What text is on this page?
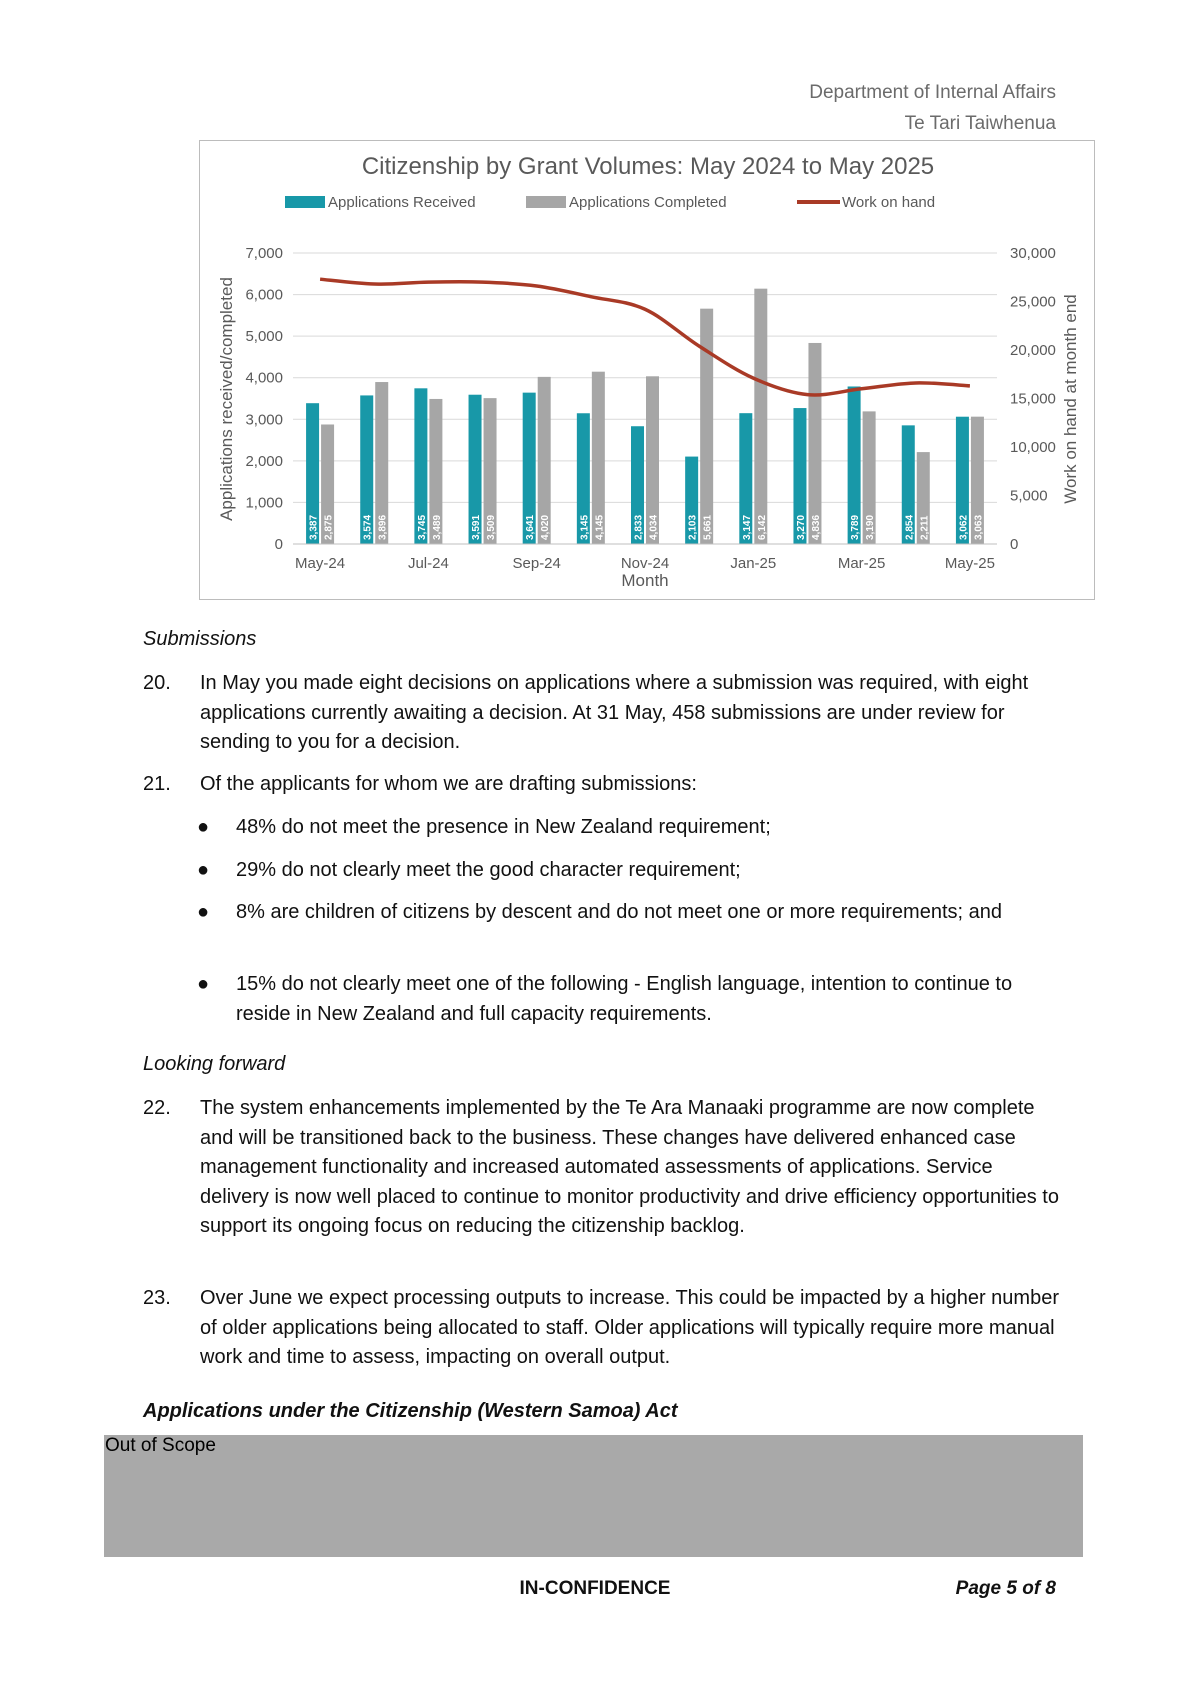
Department of Internal Affairs
Te Tari Taiwhenua
Citizenship by Grant Volumes: May 2024 to May 2025
Applications Received	Applications Completed	Work on hand
0
1,000
2,000
3,000
4,000
5,000
6,000
7,000
0
5,000
10,000
15,000
20,000
25,000
30,000
3,387	3,574	3,745	3,591	3,641	3,145	2,833	2,103	3,147	3,270	3,789	2,854	3,062
2,875	3,896	3,489	3,509	4,020	4,145	4,034	5,661	6,142	4,836	3,190	2,211	3,063
May-24	Jul-24	Sep-24	Nov-24	Jan-25	Mar-25	May-25
Month
Applications received/completed	Work on hand at month end
Submissions
20.	In May you made eight decisions on applications where a submission was required, with eight applications currently awaiting a decision. At 31 May, 458 submissions are under review for sending to you for a decision.
21.	Of the applicants for whom we are drafting submissions:
● 48% do not meet the presence in New Zealand requirement;
● 29% do not clearly meet the good character requirement;
● 8% are children of citizens by descent and do not meet one or more requirements; and
● 15% do not clearly meet one of the following - English language, intention to continue to reside in New Zealand and full capacity requirements.
Looking forward
22.	The system enhancements implemented by the Te Ara Manaaki programme are now complete and will be transitioned back to the business. These changes have delivered enhanced case management functionality and increased automated assessments of applications. Service delivery is now well placed to continue to monitor productivity and drive efficiency opportunities to support its ongoing focus on reducing the citizenship backlog.
23.	Over June we expect processing outputs to increase. This could be impacted by a higher number of older applications being allocated to staff. Older applications will typically require more manual work and time to assess, impacting on overall output.
Applications under the Citizenship (Western Samoa) Act
Out of Scope
IN-CONFIDENCE	Page 5 of 8
